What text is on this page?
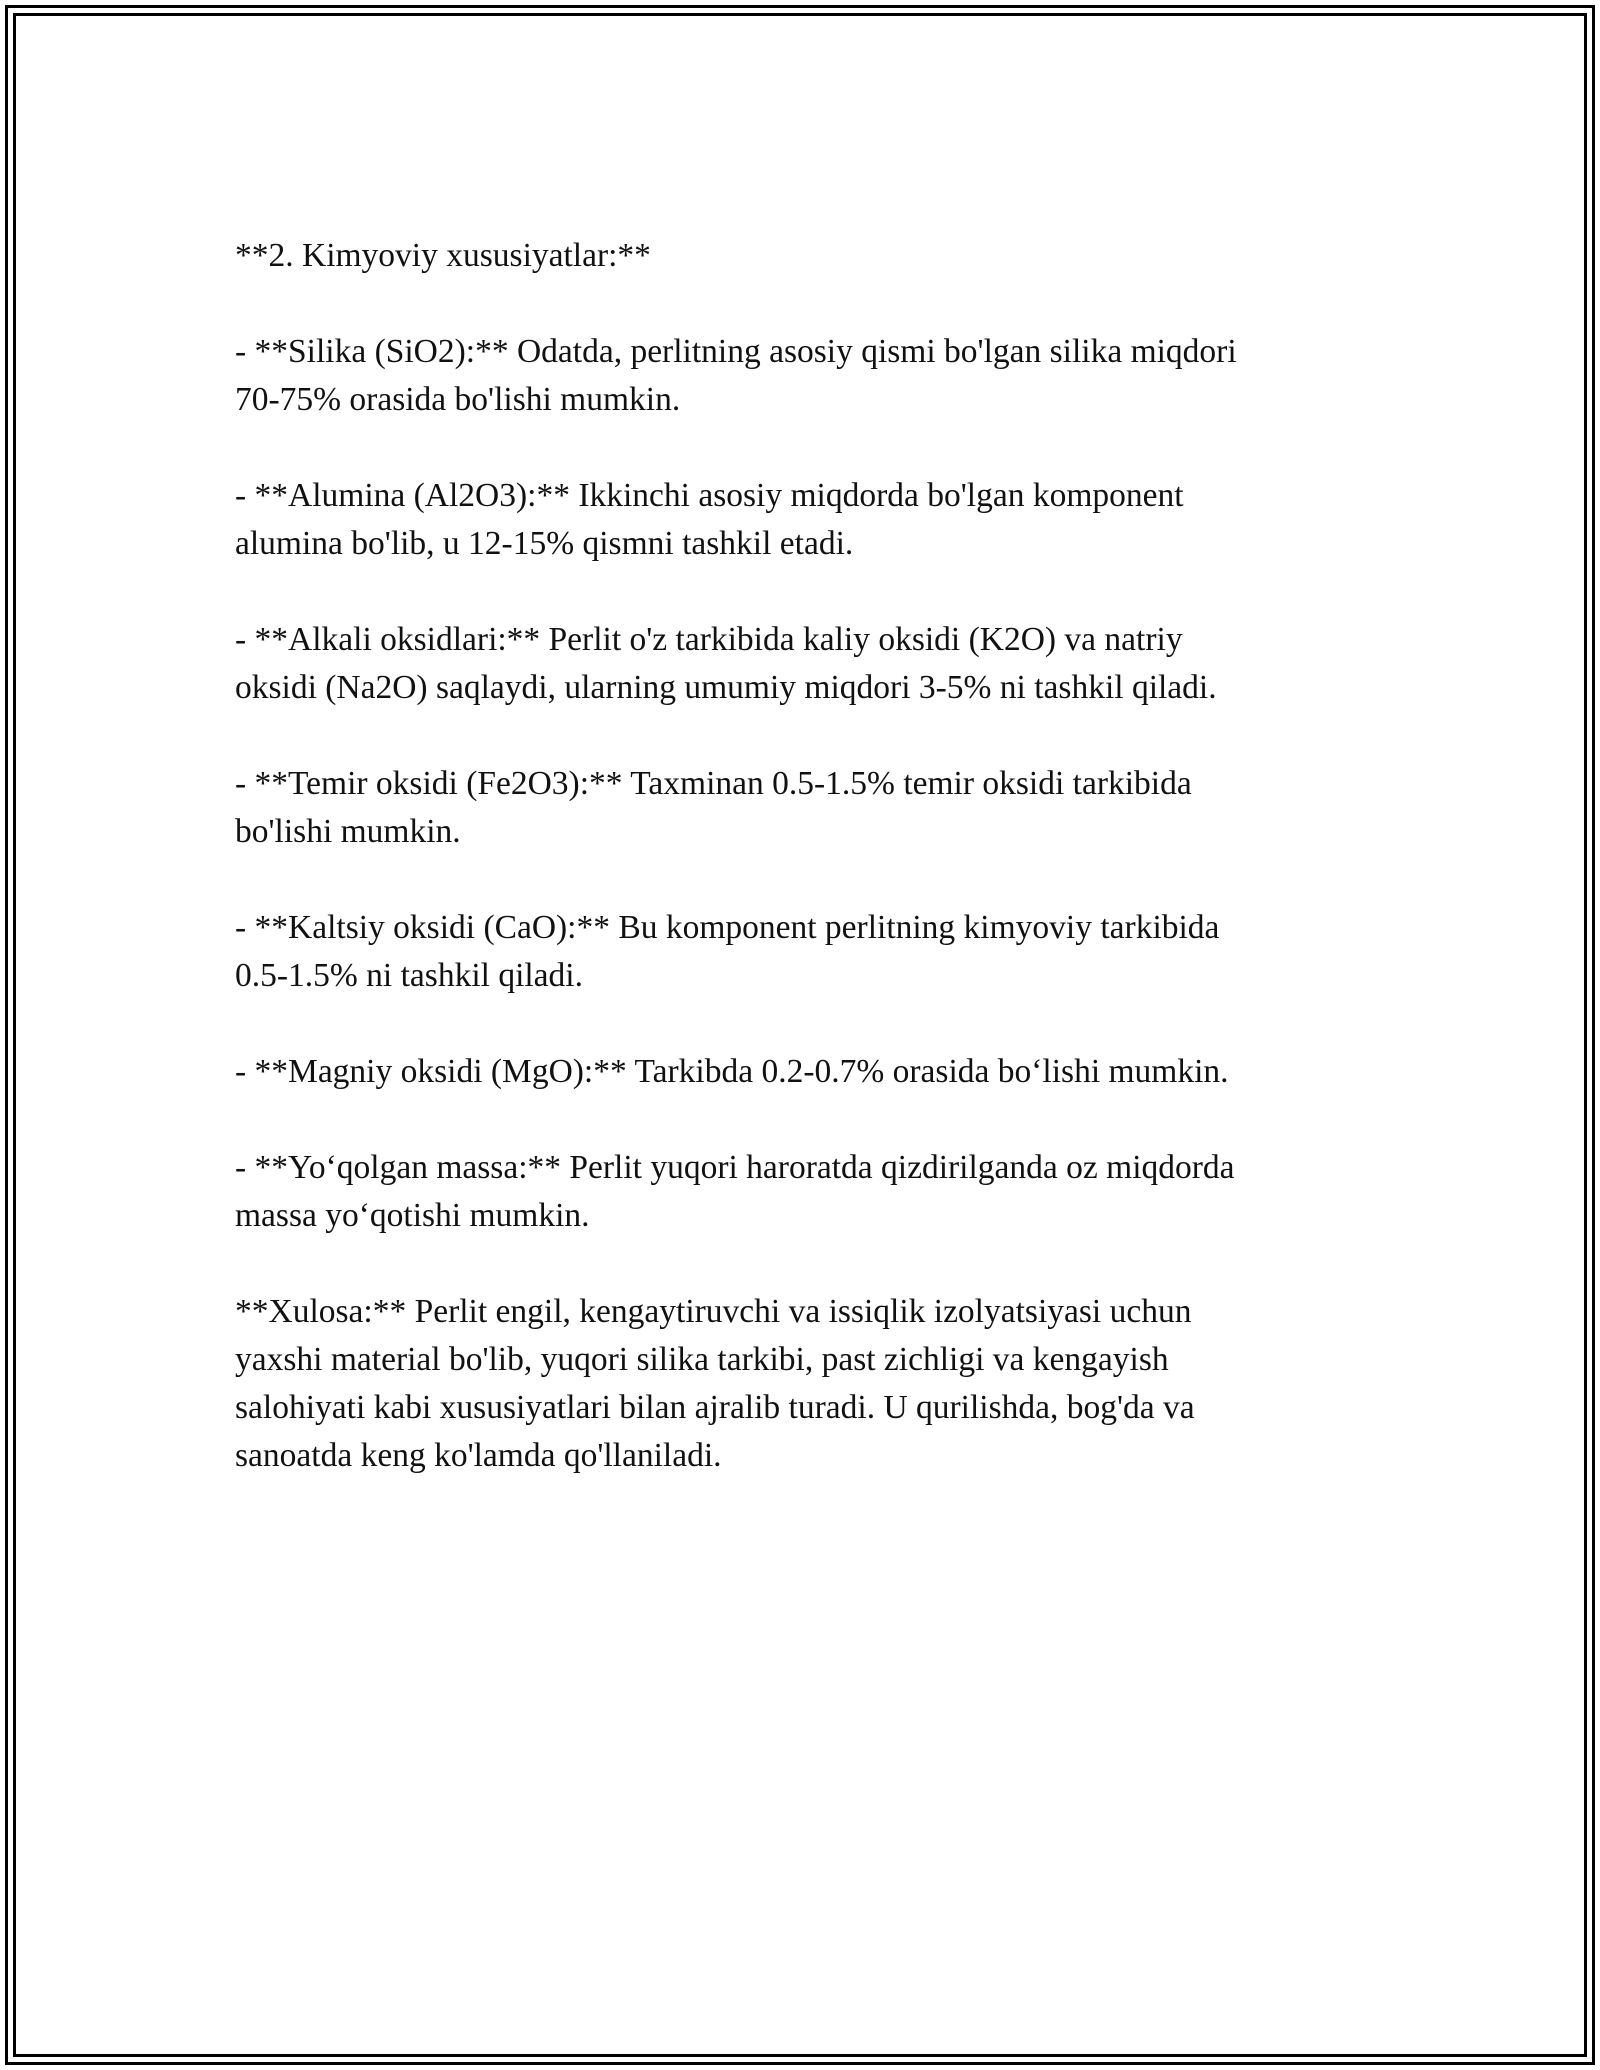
**2. Kimyoviy xususiyatlar:**

- **Silika (SiO2):** Odatda, perlitning asosiy qismi bo'lgan silika miqdori
70-75% orasida bo'lishi mumkin.

- **Alumina (Al2O3):** Ikkinchi asosiy miqdorda bo'lgan komponent
alumina bo'lib, u 12-15% qismni tashkil etadi.

- **Alkali oksidlari:** Perlit o'z tarkibida kaliy oksidi (K2O) va natriy
oksidi (Na2O) saqlaydi, ularning umumiy miqdori 3-5% ni tashkil qiladi.

- **Temir oksidi (Fe2O3):** Taxminan 0.5-1.5% temir oksidi tarkibida
bo'lishi mumkin.

- **Kaltsiy oksidi (CaO):** Bu komponent perlitning kimyoviy tarkibida
0.5-1.5% ni tashkil qiladi.

- **Magniy oksidi (MgO):** Tarkibda 0.2-0.7% orasida bo‘lishi mumkin.

- **Yo‘qolgan massa:** Perlit yuqori haroratda qizdirilganda oz miqdorda
massa yo‘qotishi mumkin.

**Xulosa:** Perlit engil, kengaytiruvchi va issiqlik izolyatsiyasi uchun
yaxshi material bo'lib, yuqori silika tarkibi, past zichligi va kengayish
salohiyati kabi xususiyatlari bilan ajralib turadi. U qurilishda, bog'da va
sanoatda keng ko'lamda qo'llaniladi.
